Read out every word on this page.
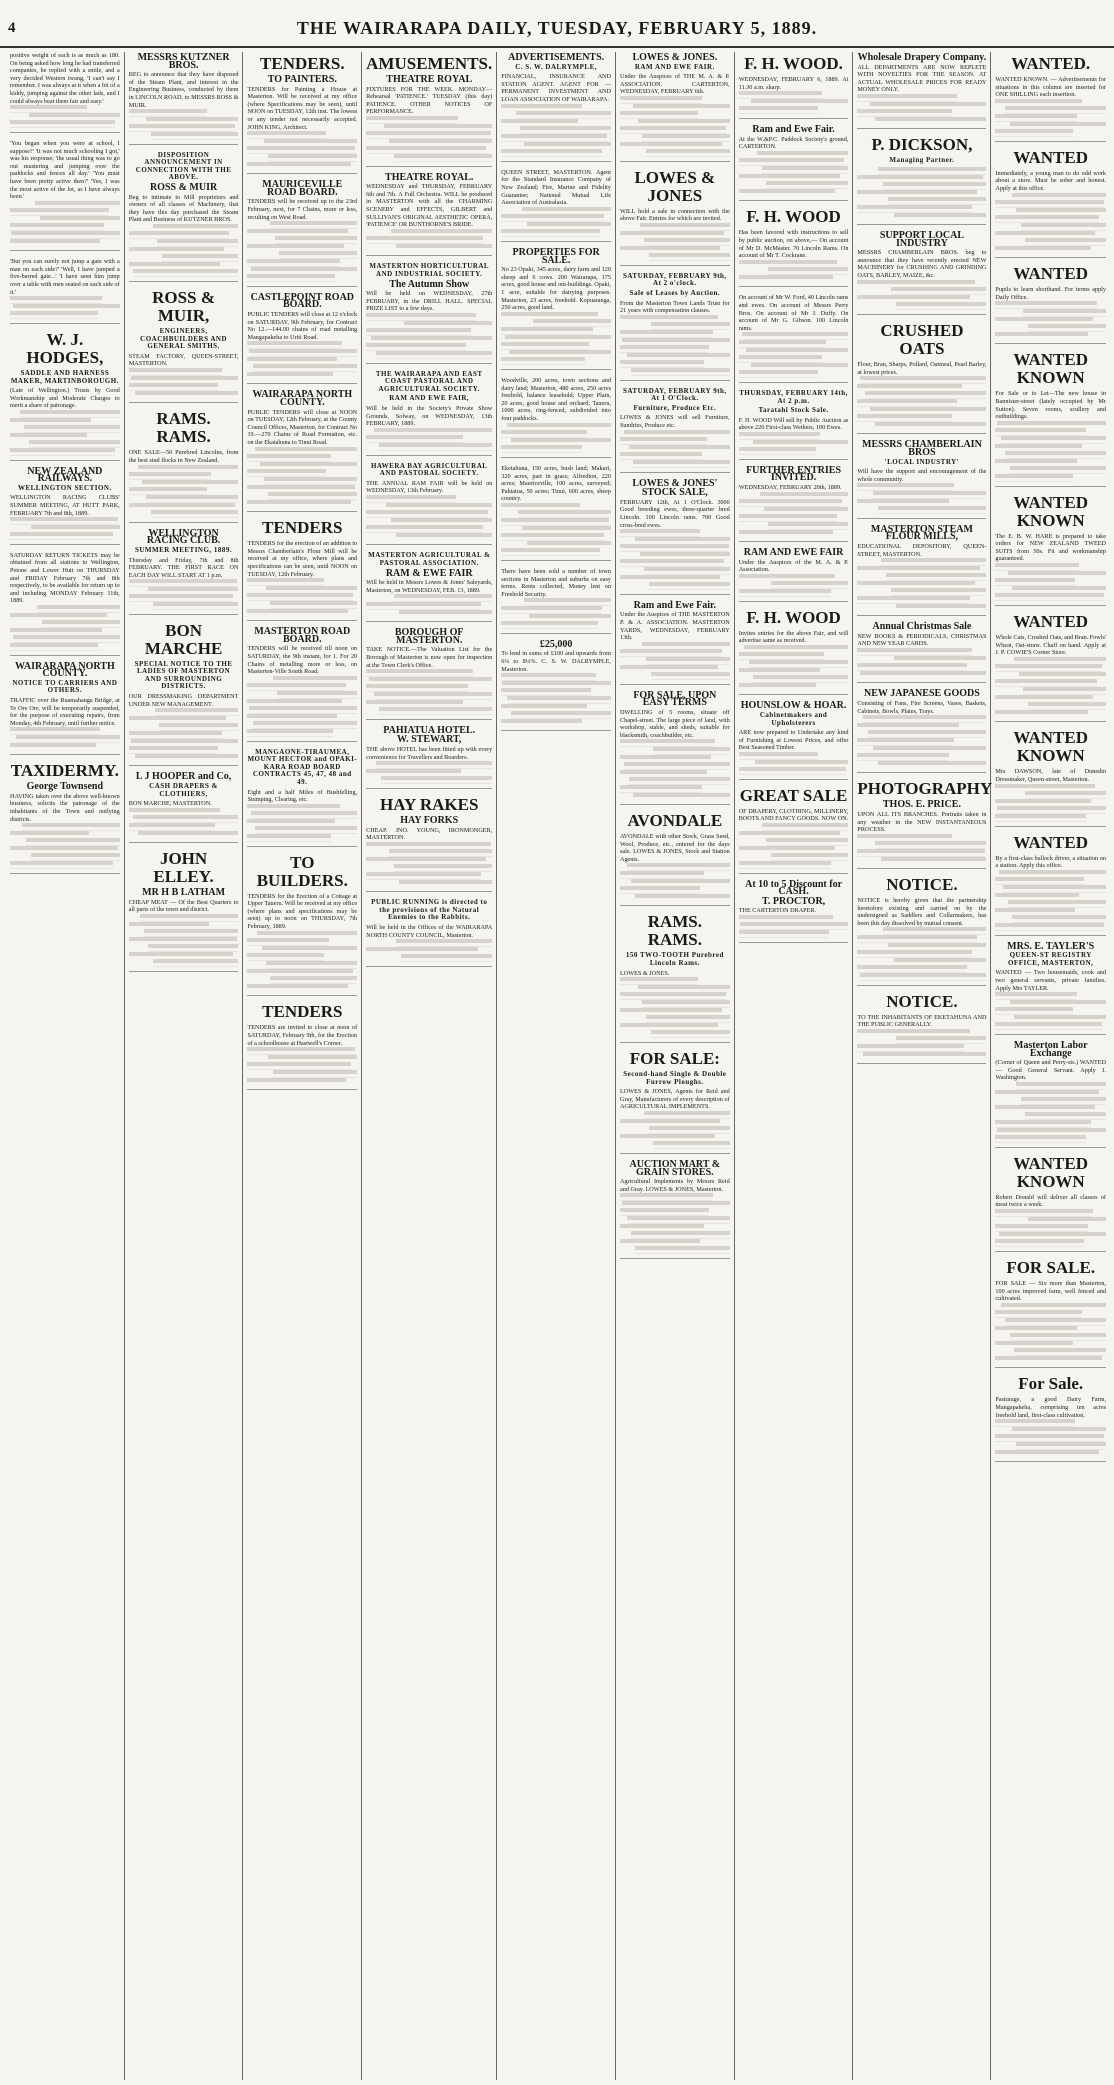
4	THE WAIRARAPA DAILY, TUESDAY, FEBRUARY 5, 1889.
positive weight of each is as much as 180. On being asked how long he had transferred companies, he replied with a smile, and a very decided Western twang, 'I can't say I remember. I was always at it when a bit of a kiddy, jumping against the other lads, and I could always beat them fair and easy.'
'You began when you were at school, I suppose?' 'It was not much schooling I got,' was his response; 'the usual thing was to go out mustering and jumping over the paddocks and fences all day.' 'You must have been pretty active then?' 'Yes, I was the most active of the lot, as I have always been.'
'But you can surely not jump a gate with a man on each side?' 'Well, I have jumped a five-barred gate...' 'I have seen him jump over a table with men seated on each side of it.'
W. J. HODGES,
SADDLE AND HARNESS MAKER, MARTINBOROUGH.
(Late of Wellington.) Trusts by Good Workmanship and Moderate Charges to merit a share of patronage.
NEW ZEALAND RAILWAYS.
WELLINGTON SECTION.
WELLINGTON RACING CLUBS' SUMMER MEETING, AT HUTT PARK, FEBRUARY 7th and 8th, 1889.
SATURDAY RETURN TICKETS may be obtained from all stations to Wellington, Petone and Lower Hutt on THURSDAY and FRIDAY February 7th and 8th respectively, to be available for return up to and including MONDAY February 11th, 1889.
WAIRARAPA NORTH COUNTY.
NOTICE TO CARRIERS AND OTHERS.
TRAFFIC over the Ruamahanga Bridge, at Te Ore Ore, will be temporarily suspended, for the purpose of executing repairs, from Monday, 4th February, until further notice.
TAXIDERMY.
George Townsend
HAVING taken over the above well-known business, solicits the patronage of the inhabitants of the Town and outlying districts.
MESSRS KUTZNER BROS.
BEG to announce that they have disposed of the Steam Plant, and interest in the Engineering Business, conducted by them in LINCOLN ROAD, to MESSRS ROSS & MUIR.
DISPOSITION ANNOUNCEMENT IN CONNECTION WITH THE ABOVE.
ROSS & MUIR
Beg to intimate to Mill proprietors and owners of all classes of Machinery, that they have this day purchased the Steam Plant and Business of KUTZNER BROS.
ROSS & MUIR,
ENGINEERS, COACHBUILDERS AND GENERAL SMITHS.
STEAM FACTORY, QUEEN-STREET, MASTERTON.
RAMS. RAMS.
ONE SALE—50 Purebred Lincolns, from the best stud flocks in New Zealand.
WELLINGTON RACING CLUB.
SUMMER MEETING, 1889.
Thursday and Friday, 7th and 8th FEBRUARY. THE FIRST RACE ON EACH DAY WILL START AT 1 p.m.
BON MARCHE
SPECIAL NOTICE TO THE LADIES OF MASTERTON AND SURROUNDING DISTRICTS.
OUR DRESSMAKING DEPARTMENT UNDER NEW MANAGEMENT.
L J HOOPER and Co,
CASH DRAPERS & CLOTHIERS,
BON MARCHE, MASTERTON.
JOHN ELLEY.
MR H B LATHAM
CHEAP MEAT — Of the Best Quarters to all parts of the town and district.
TENDERS.
TO PAINTERS.
TENDERS for Painting a House at Masterton. Will be received at my office (where Specifications may be seen), until NOON on TUESDAY, 12th inst. The lowest or any tender not necessarily accepted. JOHN KING, Architect.
MAURICEVILLE ROAD BOARD.
TENDERS will be received up to the 23rd February, next, for 7 Chains, more or less, reculting on West Road.
CASTLEPOINT ROAD BOARD.
PUBLIC TENDERS will close at 12 o'clock on SATURDAY, 9th February, for Contract No 12.—144.00 chains of road metalling Mangapakeha to Uriti Road.
WAIRARAPA NORTH COUNTY.
PUBLIC TENDERS will close at NOON on TUESDAY, 12th February, at the County Council Offices, Masterton, for Contract No 19.—270 Chains of Road Formation, etc. on the Ekatahuna to Tinui Road.
TENDERS
TENDERS for the erection of an addition to Messrs Chamberlain's Flour Mill will be received at my office, where plans and specifications can be seen, until NOON on TUESDAY, 12th February.
MASTERTON ROAD BOARD.
TENDERS will be received till noon on SATURDAY, the 9th instant, for 1. For 20 Chains of metalling more or less, on Masterton-Ville South Road.
MANGAONE-TIRAUMEA, MOUNT HECTOR and OPAKI-KARA ROAD BOARD CONTRACTS 45, 47, 48 and 49.
Eight and a half Miles of Bushfelling, Stumping, Clearing, etc.
TO BUILDERS.
TENDERS for the Erection of a Cottage at Upper Taueru. Will be received at my office (where plans and specifications may be seen) up to noon on THURSDAY, 7th February, 1889.
TENDERS
TENDERS are invited to close at noon of SATURDAY, February 9th, for the Erection of a schoolhouse at Hastwell's Corner.
AMUSEMENTS.
THEATRE ROYAL
FIXTURES FOR THE WEEK. MONDAY—Rehearsal 'PATIENCE.' TUESDAY (this day) PATIENCE. OTHER NOTICES OF PERFORMANCE.
THEATRE ROYAL.
WEDNESDAY and THURSDAY, FEBRUARY 6th and 7th. A Full Orchestra. WILL be produced in MASTERTON with all the CHARMING SCENERY and EFFECTS, GILBERT and SULLIVAN'S ORIGINAL AESTHETIC OPERA, 'PATIENCE' OR BUNTHORNE'S BRIDE.
MASTERTON HORTICULTURAL AND INDUSTRIAL SOCIETY.
The Autumn Show
Will be held on WEDNESDAY, 27th FEBRUARY, in the DRILL HALL. SPECIAL PRIZE LIST to a few days.
THE WAIRARAPA AND EAST COAST PASTORAL AND AGRICULTURAL SOCIETY.
RAM AND EWE FAIR,
Will be held in the Society's Private Show Grounds, Solway, on WEDNESDAY, 13th FEBRUARY, 1889.
HAWERA BAY AGRICULTURAL AND PASTORAL SOCIETY.
THE ANNUAL RAM FAIR will be held on WEDNESDAY, 13th February.
MASTERTON AGRICULTURAL & PASTORAL ASSOCIATION.
RAM & EWE FAIR
Will be held in Messrs Lowes & Jones' Saleyards, Masterton, on WEDNESDAY, FEB. 13, 1889.
BOROUGH OF MASTERTON.
TAKE NOTICE.—The Valuation List for the Borough of Masterton is now open for inspection at the Town Clerk's Office.
PAHIATUA HOTEL.
W. STEWART,
THE above HOTEL has been fitted up with every convenience for Travellers and Boarders.
HAY RAKES
HAY FORKS
CHEAP. JNO. YOUNG, IRONMONGER, MASTERTON.
PUBLIC RUNNING is directed to the provisions of the Natural Enemies to the Rabbits.
Will be held in the Offices of the WAIRARAPA NORTH COUNTY COUNCIL, Masterton.
ADVERTISEMENTS.
C. S. W. DALRYMPLE,
FINANCIAL, INSURANCE AND STATION AGENT. AGENT FOR — PERMANENT INVESTMENT AND LOAN ASSOCIATION OF WAIRARAPA.
QUEEN STREET, MASTERTON. Agent for the Standard Insurance Company of New Zealand; Fire, Marine and Fidelity Guarantee; National Mutual Life Association of Australasia.
PROPERTIES FOR SALE.
No 23 Opaki, 345 acres, dairy farm and 120 sheep and 6 cows. 200 Wairarapa, 175 acres, good house and out-buildings. Opaki, 1 acre, suitable for dairying purposes. Masterton, 23 acres, freehold. Kopuaranga, 250 acres, good land.
Woodville, 200 acres, town sections and dairy land; Masterton, 480 acres, 250 acres freehold, balance leasehold; Upper Plain, 20 acres, good house and orchard; Taueru, 1000 acres, ring-fenced, subdivided into four paddocks.
Eketahuna, 150 acres, bush land; Makuri, 320 acres, part in grass; Alfredton, 220 acres; Mauriceville, 100 acres, surveyed; Pahiatua, 50 acres; Tinui, 600 acres, sheep country.
There have been sold a number of town sections in Masterton and suburbs on easy terms. Rents collected, Money lent on Freehold Security.
£25,000
To lend in sums of £100 and upwards from 6¼ to 8¼%. C. S. W. DALRYMPLE, Masterton.
LOWES & JONES.
RAM AND EWE FAIR.
Under the Auspices of THE M. A. & P. ASSOCIATION. CARTERTON, WEDNESDAY, FEBRUARY 6th.
LOWES & JONES
WILL hold a sale in connection with the above Fair. Entries for which are invited.
SATURDAY, FEBRUARY 9th, At 2 o'clock.
Sale of Leases by Auction.
From the Masterton Town Lands Trust for 21 years with compensation clauses.
SATURDAY, FEBRUARY 9th, At 1 O'Clock.
Furniture, Produce Etc.
LOWES & JONES will sell Furniture, Sundries, Produce etc.
LOWES & JONES'
STOCK SALE,
FEBRUARY 12th, At 1 O'Clock. 3000 Good breeding ewes, three-quarter bred Lincoln. 100 Lincoln rams. 700 Good cross-bred ewes.
Ram and Ewe Fair.
Under the Auspices of THE MASTERTON P. & A. ASSOCIATION. MASTERTON YARDS, WEDNESDAY, FEBRUARY 13th.
FOR SALE, UPON EASY TERMS
DWELLING of 5 rooms, situate off Chapel-street. The large piece of land, with workshop, stable, and sheds, suitable for blacksmith, coachbuilder, etc.
AVONDALE
AVONDALE with other Stock, Grass Seed, Wool, Produce, etc., entered for the days sale. LOWES & JONES, Stock and Station Agents.
RAMS. RAMS.
150 TWO-TOOTH Purebred Lincoln Rams.
LOWES & JONES.
FOR SALE:
Second-hand Single & Double Furrow Ploughs.
LOWES & JONES, Agents for Reid and Gray, Manufacturers of every description of AGRICULTURAL IMPLEMENTS.
AUCTION MART & GRAIN STORES.
Agricultural Implements by Messrs Reid and Gray. LOWES & JONES, Masterton.
F. H. WOOD.
WEDNESDAY, FEBRUARY 6, 1889. At 11.30 a.m. sharp.
Ram and Ewe Fair.
At the W.&P.C. Paddock Society's ground, CARTERTON.
F. H. WOOD
Has been favored with instructions to sell by public auction, on above,— On account of Mr D. McMaster. 70 Lincoln Rams. On account of Mr T. Cockrane.
On account of Mr W. Ford, 40 Lincoln rams and ewes. On account of Messrs Perry Bros. On account of Mr J. Duffy. On account of Mr G. Gibson. 100 Lincoln rams.
THURSDAY, FEBRUARY 14th, At 2 p.m.
Taratahi Stock Sale.
F. H. WOOD Will sell by Public Auction as above 220 First-class Wethers, 100 Ewes.
FURTHER ENTRIES INVITED.
WEDNESDAY, FEBRUARY 20th, 1889.
RAM AND EWE FAIR
Under the Auspices of the M. A. & P. Association.
F. H. WOOD
Invites entries for the above Fair, and will advertise same as received.
HOUNSLOW & HOAR.
Cabinetmakers and Upholsterers
ARE now prepared to Undertake any kind of Furnishing at Lowest Prices, and offer Best Seasoned Timber.
GREAT SALE
OF DRAPERY, CLOTHING, MILLINERY, BOOTS AND FANCY GOODS. NOW ON.
At 10 to 5 Discount for CASH.
T. PROCTOR,
THE CARTERTON DRAPER.
Wholesale Drapery Company.
ALL DEPARTMENTS ARE NOW REPLETE WITH NOVELTIES FOR THE SEASON. AT ACTUAL WHOLESALE PRICES FOR READY MONEY ONLY.
P. DICKSON,
Managing Partner.
SUPPORT LOCAL INDUSTRY
MESSRS CHAMBERLAIN BROS. beg to announce that they have recently erected NEW MACHINERY for CRUSHING AND GRINDING OATS, BARLEY, MAIZE, &c.
CRUSHED OATS
Flour, Bran, Sharps, Pollard, Oatmeal, Pearl Barley, at lowest prices.
MESSRS CHAMBERLAIN BROS
'LOCAL INDUSTRY'
Will have the support and encouragement of the whole community.
MASTERTON STEAM FLOUR MILLS,
EDUCATIONAL DEPOSITORY, QUEEN-STREET, MASTERTON.
Annual Christmas Sale
NEW BOOKS & PERIODICALS, CHRISTMAS AND NEW YEAR CARDS.
NEW JAPANESE GOODS
Consisting of Fans, Fire Screens, Vases, Baskets, Cabinets, Bowls, Plates, Trays.
PHOTOGRAPHY
THOS. E. PRICE.
UPON ALL ITS BRANCHES. Portraits taken in any weather in the NEW INSTANTANEOUS PROCESS.
NOTICE.
NOTICE is hereby given that the partnership heretofore existing and carried on by the undersigned as Saddlers and Collarmakers, has been this day dissolved by mutual consent.
NOTICE.
TO THE INHABITANTS OF EKETAHUNA AND THE PUBLIC GENERALLY.
WANTED.
WANTED KNOWN. — Advertisements for situations in this column are inserted for ONE SHILLING each insertion.
WANTED
Immediately, a young man to do odd work about a store. Must be sober and honest. Apply at this office.
WANTED
Pupils to learn shorthand. For terms apply Daily Office.
WANTED KNOWN
For Sale or to Let—The new house in Bannister-street (lately occupied by Mr Sutton). Seven rooms, scullery and outbuildings.
WANTED KNOWN
The E. B. W. HARE is prepared to take orders for NEW ZEALAND TWEED SUITS from 50s. Fit and workmanship guaranteed.
WANTED
Whole Cats, Crushed Oats, and Bran. Fowls' Wheat, Oat-straw. Chaff on hand. Apply at J. P. COWIE'S Corner Store.
WANTED KNOWN
Mrs DAWSON, late of Dunedin Dressmaker, Queen-street, Masterton.
WANTED
By a first-class bullock driver, a situation on a station. Apply this office.
MRS. E. TAYLER'S
QUEEN-ST REGISTRY OFFICE, MASTERTON,
WANTED — Two housemaids, cook and two general servants, private families. Apply Mrs TAYLER.
Masterton Labor Exchange
(Corner of Queen and Perry-sts.) WANTED — Good General Servant. Apply J. Washington.
WANTED KNOWN
Robert Donald will deliver all classes of meat twice a week.
FOR SALE.
FOR SALE — Six more than Masterton, 100 acres improved farm, well fenced and cultivated.
For Sale.
Pasturage, a good Dairy Farm, Mangapakeha, comprising ten acres freehold land, first-class cultivation.
